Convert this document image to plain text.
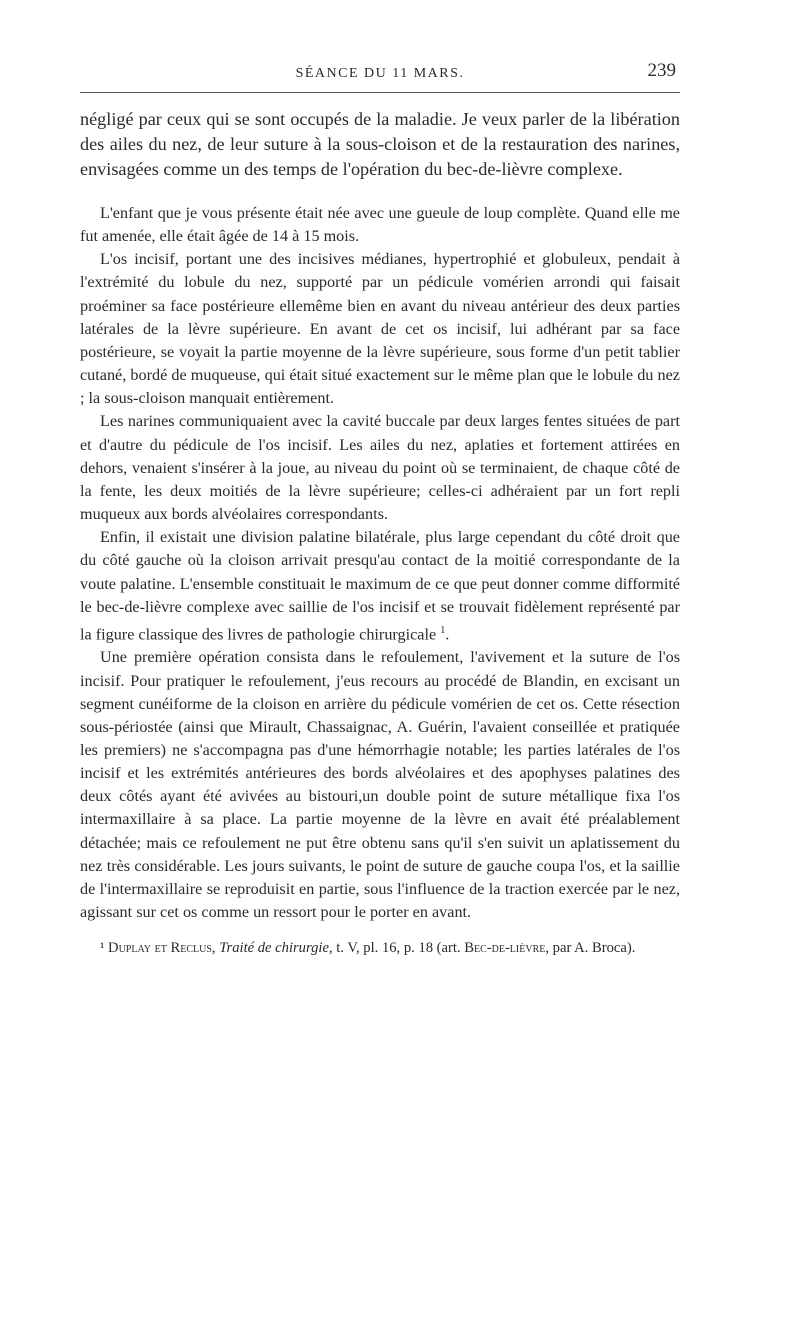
SÉANCE DU 11 MARS.	239

négligé par ceux qui se sont occupés de la maladie. Je veux parler de la libération des ailes du nez, de leur suture à la sous-cloison et de la restauration des narines, envisagées comme un des temps de l'opération du bec-de-lièvre complexe.

L'enfant que je vous présente était née avec une gueule de loup complète. Quand elle me fut amenée, elle était âgée de 14 à 15 mois.

L'os incisif, portant une des incisives médianes, hypertrophié et globuleux, pendait à l'extrémité du lobule du nez, supporté par un pédicule vomérien arrondi qui faisait proéminer sa face postérieure ellemême bien en avant du niveau antérieur des deux parties latérales de la lèvre supérieure. En avant de cet os incisif, lui adhérant par sa face postérieure, se voyait la partie moyenne de la lèvre supérieure, sous forme d'un petit tablier cutané, bordé de muqueuse, qui était situé exactement sur le même plan que le lobule du nez ; la sous-cloison manquait entièrement.

Les narines communiquaient avec la cavité buccale par deux larges fentes situées de part et d'autre du pédicule de l'os incisif. Les ailes du nez, aplaties et fortement attirées en dehors, venaient s'insérer à la joue, au niveau du point où se terminaient, de chaque côté de la fente, les deux moitiés de la lèvre supérieure; celles-ci adhéraient par un fort repli muqueux aux bords alvéolaires correspondants.

Enfin, il existait une division palatine bilatérale, plus large cependant du côté droit que du côté gauche où la cloison arrivait presqu'au contact de la moitié correspondante de la voute palatine. L'ensemble constituait le maximum de ce que peut donner comme difformité le bec-de-lièvre complexe avec saillie de l'os incisif et se trouvait fidèlement représenté par la figure classique des livres de pathologie chirurgicale $^1$.

Une première opération consista dans le refoulement, l'avivement et la suture de l'os incisif. Pour pratiquer le refoulement, j'eus recours au procédé de Blandin, en excisant un segment cunéiforme de la cloison en arrière du pédicule vomérien de cet os. Cette résection sous-périostée (ainsi que Mirault, Chassaignac, A. Guérin, l'avaient conseillée et pratiquée les premiers) ne s'accompagna pas d'une hémorrhagie notable; les parties latérales de l'os incisif et les extrémités antérieures des bords alvéolaires et des apophyses palatines des deux côtés ayant été avivées au bistouri,un double point de suture métallique fixa l'os intermaxillaire à sa place. La partie moyenne de la lèvre en avait été préalablement détachée; mais ce refoulement ne put être obtenu sans qu'il s'en suivit un aplatissement du nez très considérable. Les jours suivants, le point de suture de gauche coupa l'os, et la saillie de l'intermaxillaire se reproduisit en partie, sous l'influence de la traction exercée par le nez, agissant sur cet os comme un ressort pour le porter en avant.

¹ Duplay et Reclus, Traité de chirurgie, t. V, pl. 16, p. 18 (art. Bec-de-lièvre, par A. Broca).
